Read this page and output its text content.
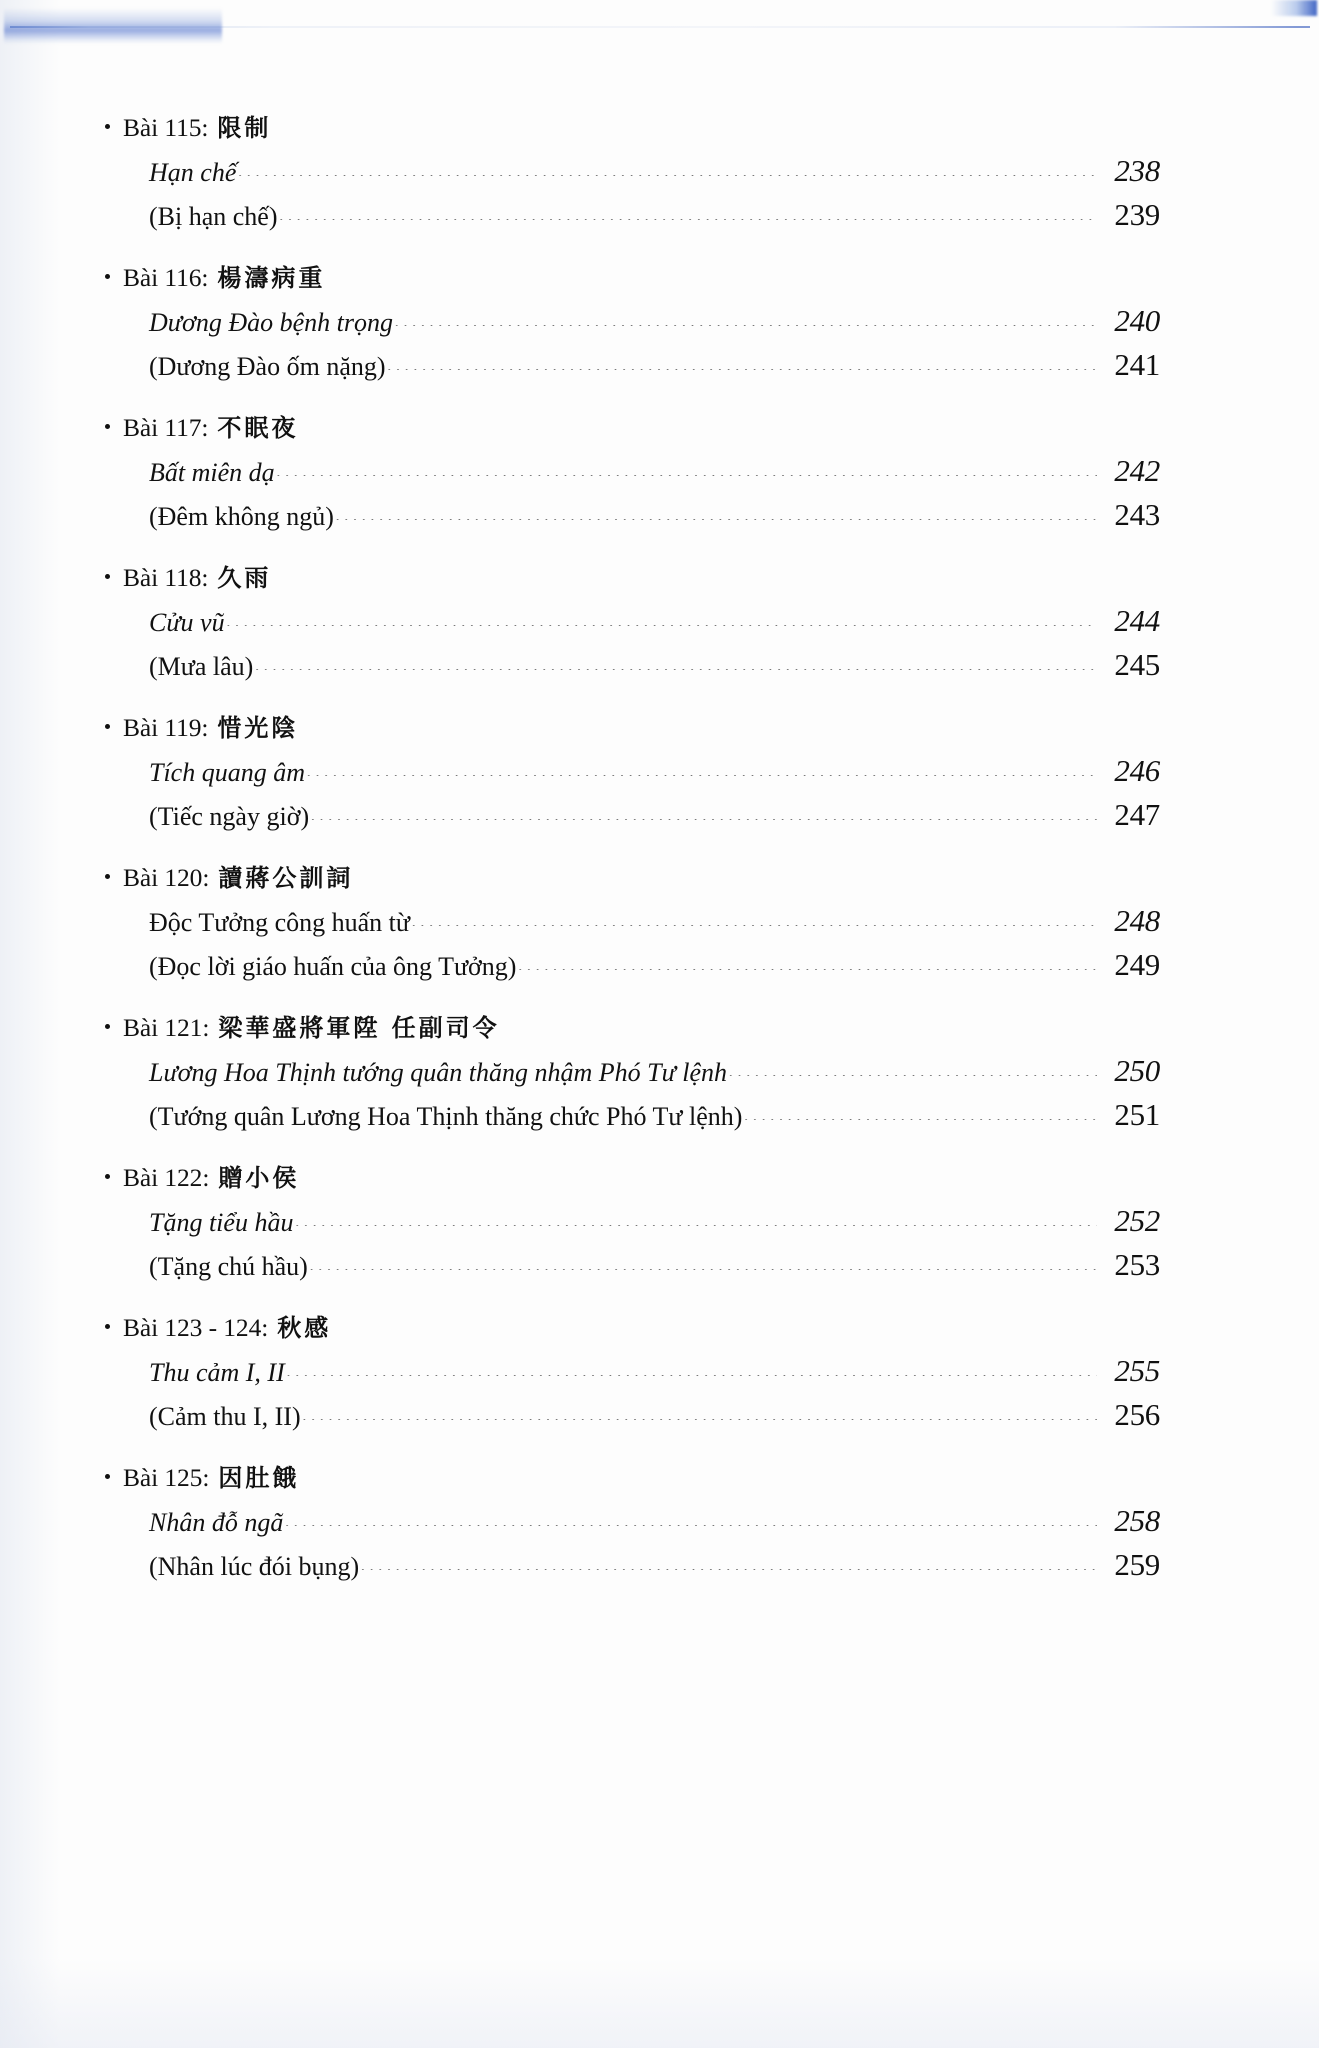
Bài 115: 限制
Hạn chế .....	238
(Bị hạn chế) .....	239
Bài 116: 楊濤病重
Dương Đào bệnh trọng .....	240
(Dương Đào ốm nặng) .....	241
Bài 117: 不眠夜
Bất miên dạ .....	242
(Đêm không ngủ) .....	243
Bài 118: 久雨
Cửu vũ .....	244
(Mưa lâu) .....	245
Bài 119: 惜光陰
Tích quang âm .....	246
(Tiếc ngày giờ) .....	247
Bài 120: 讀蔣公訓詞
Độc Tưởng công huấn từ .....	248
(Đọc lời giáo huấn của ông Tưởng) .....	249
Bài 121: 梁華盛將軍陞 任副司令
Lương Hoa Thịnh tướng quân thăng nhậm Phó Tư lệnh .....	250
(Tướng quân Lương Hoa Thịnh thăng chức Phó Tư lệnh) .....	251
Bài 122: 贈小侯
Tặng tiểu hầu .....	252
(Tặng chú hầu) .....	253
Bài 123 - 124: 秋感
Thu cảm I, II .....	255
(Cảm thu I, II) .....	256
Bài 125: 因肚餓
Nhân đỗ ngã .....	258
(Nhân lúc đói bụng) .....	259
